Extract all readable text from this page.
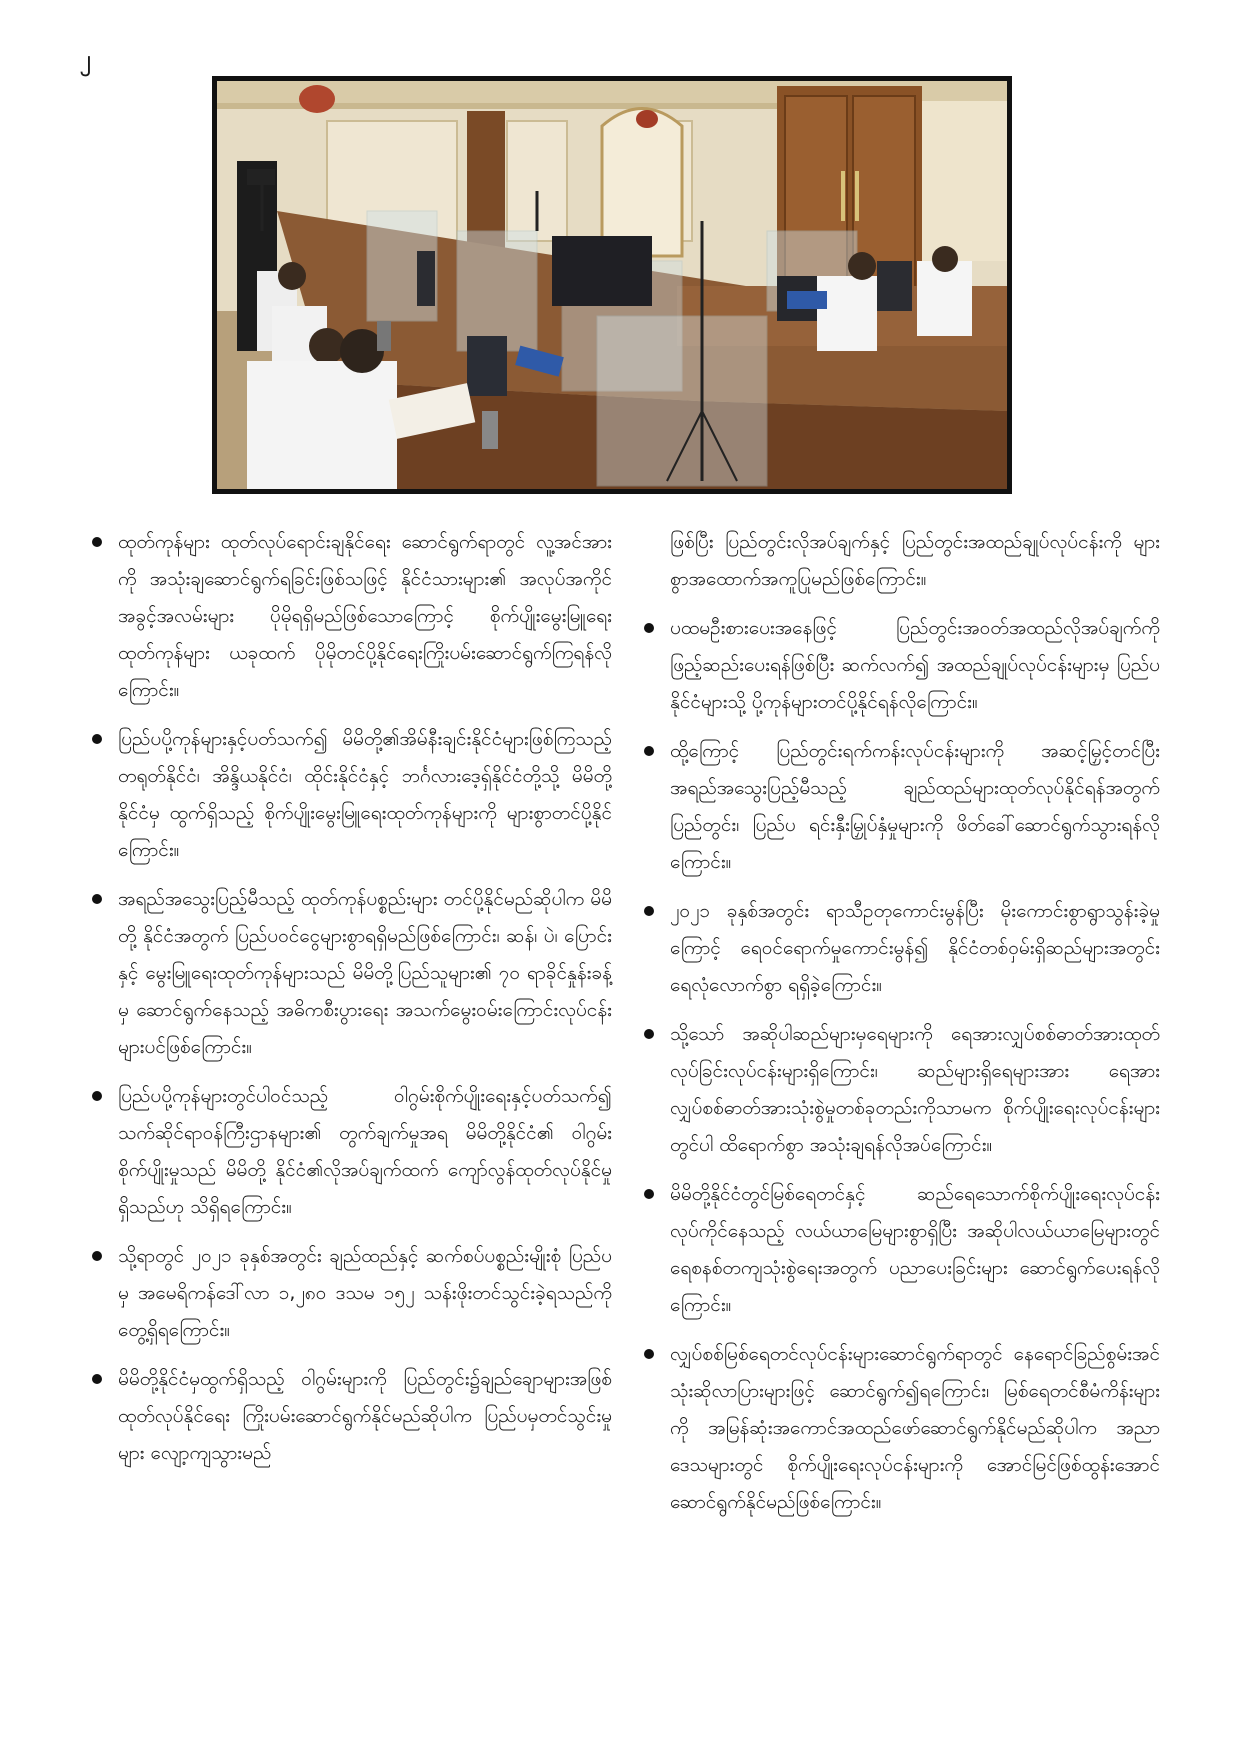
၂
ထုတ်ကုန်များ ထုတ်လုပ်ရောင်းချနိုင်ရေး ဆောင်ရွက်ရာတွင် လူ့အင်အားကို အသုံးချဆောင်ရွက်ရခြင်းဖြစ်သဖြင့် နိုင်ငံသားများ၏ အလုပ်အကိုင်အခွင့်အလမ်းများ ပိုမိုရရှိမည်ဖြစ်သောကြောင့် စိုက်ပျိုးမွေးမြူရေးထုတ်ကုန်များ ယခုထက် ပိုမိုတင်ပို့နိုင်ရေးကြိုးပမ်းဆောင်ရွက်ကြရန်လိုကြောင်း။
ပြည်ပပို့ကုန်များနှင့်ပတ်သက်၍ မိမိတို့၏အိမ်နီးချင်းနိုင်ငံများဖြစ်ကြသည့် တရုတ်နိုင်ငံ၊ အိန္ဒိယနိုင်ငံ၊ ထိုင်းနိုင်ငံနှင့် ဘင်္ဂလားဒေ့ရှ်နိုင်ငံတို့သို့ မိမိတို့နိုင်ငံမှ ထွက်ရှိသည့် စိုက်ပျိုးမွေးမြူရေးထုတ်ကုန်များကို များစွာတင်ပို့နိုင်ကြောင်း။
အရည်အသွေးပြည့်မီသည့် ထုတ်ကုန်ပစ္စည်းများ တင်ပို့နိုင်မည်ဆိုပါက မိမိတို့ နိုင်ငံအတွက် ပြည်ပဝင်ငွေများစွာရရှိမည်ဖြစ်ကြောင်း၊ ဆန်၊ ပဲ၊ ပြောင်းနှင့် မွေးမြူရေးထုတ်ကုန်များသည် မိမိတို့ပြည်သူများ၏ ၇၀ ရာခိုင်နှုန်းခန့်မှ ဆောင်ရွက်နေသည့် အဓိကစီးပွားရေး အသက်မွေးဝမ်းကြောင်းလုပ်ငန်းများပင်ဖြစ်ကြောင်း။
ပြည်ပပို့ကုန်များတွင်ပါဝင်သည့် ဝါဂွမ်းစိုက်ပျိုးရေးနှင့်ပတ်သက်၍ သက်ဆိုင်ရာဝန်ကြီးဌာနများ၏ တွက်ချက်မှုအရ မိမိတို့နိုင်ငံ၏ ဝါဂွမ်းစိုက်ပျိုးမှုသည် မိမိတို့ နိုင်ငံ၏လိုအပ်ချက်ထက် ကျော်လွန်ထုတ်လုပ်နိုင်မှုရှိသည်ဟု သိရှိရကြောင်း။
သို့ရာတွင် ၂၀၂၁ ခုနှစ်အတွင်း ချည်ထည်နှင့် ဆက်စပ်ပစ္စည်းမျိုးစုံ ပြည်ပမှ အမေရိကန်ဒေါ်လာ ၁,၂၈၀ ဒသမ ၁၅၂ သန်းဖိုးတင်သွင်းခဲ့ရသည်ကို တွေ့ရှိရကြောင်း။
မိမိတို့နိုင်ငံမှထွက်ရှိသည့် ဝါဂွမ်းများကို ပြည်တွင်း၌ချည်ချောများအဖြစ် ထုတ်လုပ်နိုင်ရေး ကြိုးပမ်းဆောင်ရွက်နိုင်မည်ဆိုပါက ပြည်ပမှတင်သွင်းမှုများ လျော့ကျသွားမည်
ဖြစ်ပြီး ပြည်တွင်းလိုအပ်ချက်နှင့် ပြည်တွင်းအထည်ချုပ်လုပ်ငန်းကို များစွာအထောက်အကူပြုမည်ဖြစ်ကြောင်း။
ပထမဦးစားပေးအနေဖြင့် ပြည်တွင်းအဝတ်အထည်လိုအပ်ချက်ကို ဖြည့်ဆည်းပေးရန်ဖြစ်ပြီး ဆက်လက်၍ အထည်ချုပ်လုပ်ငန်းများမှ ပြည်ပနိုင်ငံများသို့ ပို့ကုန်များတင်ပို့နိုင်ရန်လိုကြောင်း။
ထို့ကြောင့် ပြည်တွင်းရက်ကန်းလုပ်ငန်းများကို အဆင့်မြှင့်တင်ပြီး အရည်အသွေးပြည့်မီသည့် ချည်ထည်များထုတ်လုပ်နိုင်ရန်အတွက် ပြည်တွင်း၊ ပြည်ပ ရင်းနှီးမြှုပ်နှံမှုများကို ဖိတ်ခေါ်ဆောင်ရွက်သွားရန်လိုကြောင်း။
၂၀၂၁ ခုနှစ်အတွင်း ရာသီဥတုကောင်းမွန်ပြီး မိုးကောင်းစွာရွာသွန်းခဲ့မှုကြောင့် ရေဝင်ရောက်မှုကောင်းမွန်၍ နိုင်ငံတစ်ဝှမ်းရှိဆည်များအတွင်း ရေလုံလောက်စွာ ရရှိခဲ့ကြောင်း။
သို့သော် အဆိုပါဆည်များမှရေများကို ရေအားလျှပ်စစ်ဓာတ်အားထုတ်လုပ်ခြင်းလုပ်ငန်းများရှိကြောင်း၊ ဆည်များရှိရေများအား ရေအားလျှပ်စစ်ဓာတ်အားသုံးစွဲမှုတစ်ခုတည်းကိုသာမက စိုက်ပျိုးရေးလုပ်ငန်းများတွင်ပါ ထိရောက်စွာ အသုံးချရန်လိုအပ်ကြောင်း။
မိမိတို့နိုင်ငံတွင်မြစ်ရေတင်နှင့် ဆည်ရေသောက်စိုက်ပျိုးရေးလုပ်ငန်းလုပ်ကိုင်နေသည့် လယ်ယာမြေများစွာရှိပြီး အဆိုပါလယ်ယာမြေများတွင် ရေစနစ်တကျသုံးစွဲရေးအတွက် ပညာပေးခြင်းများ ဆောင်ရွက်ပေးရန်လိုကြောင်း။
လျှပ်စစ်မြစ်ရေတင်လုပ်ငန်းများဆောင်ရွက်ရာတွင် နေရောင်ခြည်စွမ်းအင်သုံးဆိုလာပြားများဖြင့် ဆောင်ရွက်၍ရကြောင်း၊ မြစ်ရေတင်စီမံကိန်းများကို အမြန်ဆုံးအကောင်အထည်ဖော်ဆောင်ရွက်နိုင်မည်ဆိုပါက အညာဒေသများတွင် စိုက်ပျိုးရေးလုပ်ငန်းများကို အောင်မြင်ဖြစ်ထွန်းအောင် ဆောင်ရွက်နိုင်မည်ဖြစ်ကြောင်း။
